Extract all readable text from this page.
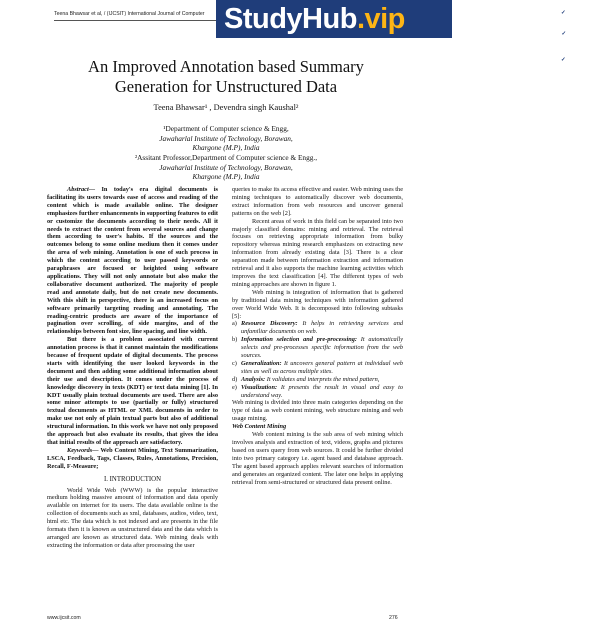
Teena Bhawsar et al, / (IJCSIT) International Journal of Computer StudyHub.vip	✓
Experienced writers
✓
On-time delivery
✓
100% plagiarism free
An Improved Annotation based Summary
Generation for Unstructured Data
Teena Bhawsar¹ , Devendra singh Kaushal²
¹Department of Computer science & Engg,
Jawaharlal Institute of Technology, Borawan,
Khargone (M.P), India
²Assitant Professor,Department of Computer science & Engg.,
Jawaharlal Institute of Technology, Borawan,
Khargone (M.P), India

Abstract— In today's era digital documents is facilitating its users towards ease of access and reading of the content which is made available online. The designer emphasizes further enhancements in supporting features to edit or customize the documents according to their needs. All it needs to extract the content from several sources and change them according to user's habits. If the sources and the outcomes belong to some online medium then it comes under the area of web mining. Annotation is one of such process in which the content according to user passed keywords or paraphrases are focused or heighted using software applications. They will not only annotate but also make the collaborative document authorized. The majority of people read and annotate daily, but do not create new documents. With this shift in perspective, there is an increased focus on software primarily targeting reading and annotating. The reading-centric products are aware of the importance of pagination over scrolling, of side margins, and of the relationships between font size, line spacing, and line width.

But there is a problem associated with current annotation process is that it cannot maintain the modifications because of frequent update of digital documents. The process starts with identifying the user looked keywords in the document and then adding some additional information about their use and description. It comes under the process of knowledge discovery in texts (KDT) or text data mining [1]. In KDT usually plain textual documents are used. There are also some minor attempts to use (partially or fully) structured textual documents as HTML or XML documents in order to make use not only of plain textual parts but also of additional structural information. In this work we have not only proposed the approach but also evaluate its results, that gives the idea that initial results of the approach are satisfactory.

Keywords— Web Content Mining, Text Summarization, LSCA, Feedback, Tags, Classes, Rules, Annotations, Precision, Recall, F-Measure;

I. INTRODUCTION

World Wide Web (WWW) is the popular interactive medium holding massive amount of information and data openly available on internet for its users. The data available online is the collection of documents such as xml, databases, audios, video, text, html etc. The data which is not indexed and are presents in the file formats then it is known as unstructured data and the data which is arranged are known as structured data. Web mining deals with extracting the information or data after processing the user

queries to make its access effective and easier. Web mining uses the mining techniques to automatically discover web documents, extract information from web resources and uncover general patterns on the web [2].

Recent areas of work in this field can be separated into two majorly classified domains: mining and retrieval. The retrieval focuses on retrieving appropriate information from bulky repository whereas mining research emphasizes on extracting new information from already existing data [3]. There is a clear separation made between information extraction and information retrieval and it also supports the machine learning activities which improves the text classification [4]. The different types of web mining approaches are shown in figure 1.

Web mining is integration of information that is gathered by traditional data mining techniques with information gathered over World Wide Web. It is decomposed into following subtasks [5]:

a) Resource Discovery: It helps in retrieving services and unfamiliar documents on web.
b) Information selection and pre-processing: It automatically selects and pre-processes specific information from the web sources.
c) Generalization: It uncovers general pattern at individual web sites as well as across multiple sites.
d) Analysis: It validates and interprets the mined pattern,
e) Visualization: It presents the result in visual and easy to understand way.

Web mining is divided into three main categories depending on the type of data as web content mining, web structure mining and web usage mining.

Web Content Mining

Web content mining is the sub area of web mining which involves analysis and extraction of text, videos, graphs and pictures based on users query from web sources. It could be further divided into two primary category i.e. agent based and database approach. The agent based approach applies relevant searches of information and generates an organized content. The later one helps in applying retrieval from semi-structured or structured data present online.

www.ijcsit.com	276
